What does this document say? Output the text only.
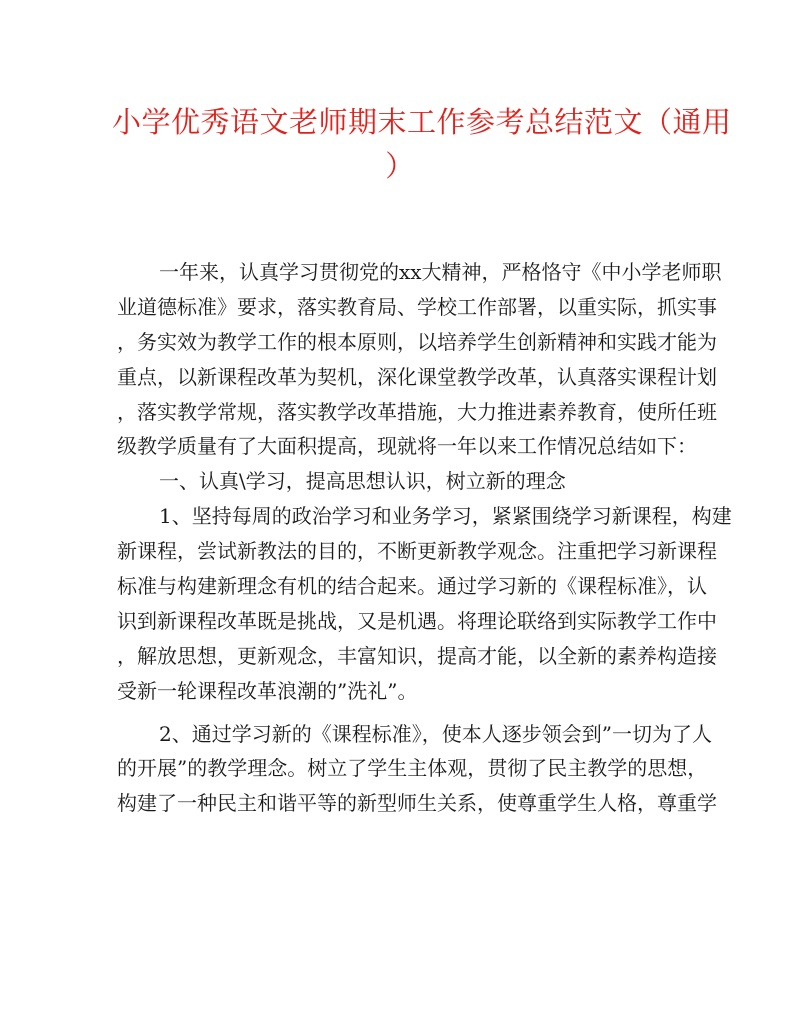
小学优秀语文老师期末工作参考总结范文（通用
）
一年来，认真学习贯彻党的xx大精神，严格恪守《中小学老师职
业道德标准》要求，落实教育局、学校工作部署，以重实际，抓实事
，务实效为教学工作的根本原则，以培养学生创新精神和实践才能为
重点，以新课程改革为契机，深化课堂教学改革，认真落实课程计划
，落实教学常规，落实教学改革措施，大力推进素养教育，使所任班
级教学质量有了大面积提高，现就将一年以来工作情况总结如下：
一、认真\学习，提高思想认识，树立新的理念
1、坚持每周的政治学习和业务学习，紧紧围绕学习新课程，构建
新课程，尝试新教法的目的，不断更新教学观念。注重把学习新课程
标准与构建新理念有机的结合起来。通过学习新的《课程标准》，认
识到新课程改革既是挑战，又是机遇。将理论联络到实际教学工作中
，解放思想，更新观念，丰富知识，提高才能，以全新的素养构造接
受新一轮课程改革浪潮的”洗礼”。
2、通过学习新的《课程标准》，使本人逐步领会到”一切为了人
的开展”的教学理念。树立了学生主体观，贯彻了民主教学的思想，
构建了一种民主和谐平等的新型师生关系，使尊重学生人格，尊重学
